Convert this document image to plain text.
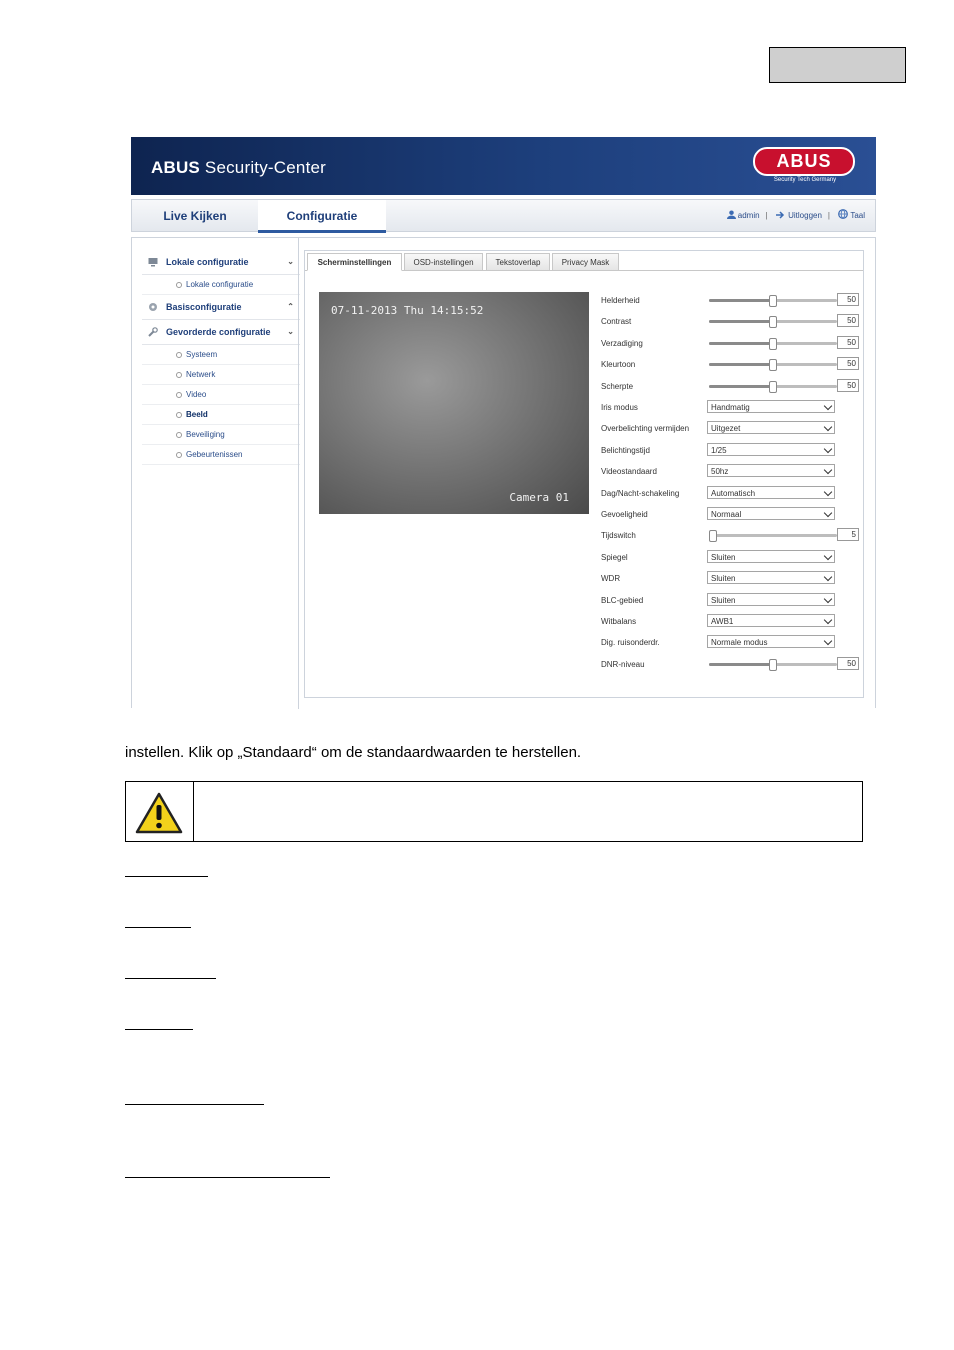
ABUS Security-Center	ABUS
Security Tech Germany
Live Kijken	Configuratie	admin |	Uitloggen |	Taal
Lokale configuratie	⌄
Lokale configuratie
Basisconfiguratie	⌃
Gevorderde configuratie ⌄
Systeem
Netwerk
Video
Beeld
Beveiliging
Gebeurtenissen
Scherminstellingen	OSD-instellingen	Tekstoverlap	Privacy Mask
07-11-2013 Thu 14:15:52
Camera 01
Helderheid	50
Contrast	50
Verzadiging	50
Kleurtoon	50
Scherpte	50
Iris modus	Handmatig
Overbelichting vermijden	Uitgezet
Belichtingstijd	1/25
Videostandaard	50hz
Dag/Nacht-schakeling	Automatisch
Gevoeligheid	Normaal
Tijdswitch	5
Spiegel	Sluiten
WDR	Sluiten
BLC-gebied	Sluiten
Witbalans	AWB1
Dig. ruisonderdr.	Normale modus
DNR-niveau	50
instellen. Klik op „Standaard“ om de standaardwaarden te herstellen.
